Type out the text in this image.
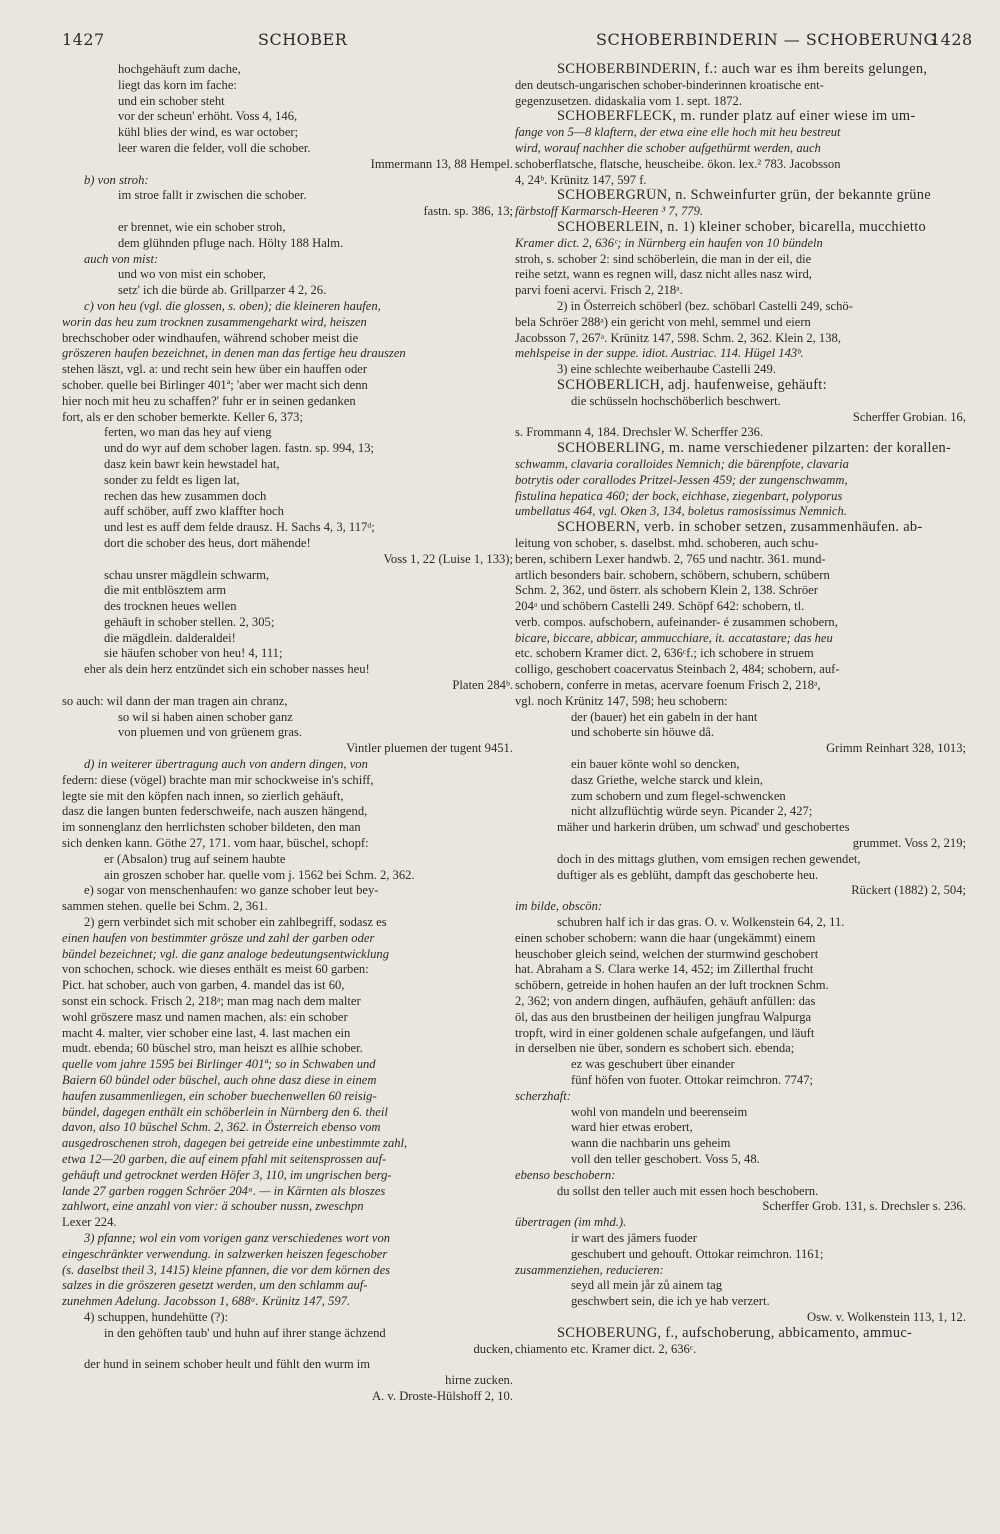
1427	SCHOBER	SCHOBERBINDERIN — SCHOBERUNG
1428
hochgehäuft zum dache,
liegt das korn im fache:
und ein schober steht
vor der scheun' erhöht. Voss 4, 146,
kühl blies der wind, es war october;
leer waren die felder, voll die schober.
Immermann 13, 88 Hempel.
b) von stroh:
im stroe fallt ir zwischen die schober.
fastn. sp. 386, 13;
er brennet, wie ein schober stroh,
dem glühnden pfluge nach. Hölty 188 Halm.
auch von mist:
und wo von mist ein schober,
setz' ich die bürde ab. Grillparzer 4 2, 26.
c) von heu (vgl. die glossen, s. oben); die kleineren haufen,
worin das heu zum trocknen zusammengeharkt wird, heiszen
brechschober oder windhaufen, während schober meist die
gröszeren haufen bezeichnet, in denen man das fertige heu drauszen
stehen läszt, vgl. a: und recht sein hew über ein hauffen oder
schober. quelle bei Birlinger 401ª; 'aber wer macht sich denn
hier noch mit heu zu schaffen?' fuhr er in seinen gedanken
fort, als er den schober bemerkte. Keller 6, 373;
ferten, wo man das hey auf vieng
und do wyr auf dem schober lagen. fastn. sp. 994, 13;
dasz kein bawr kein hewstadel hat,
sonder zu feldt es ligen lat,
rechen das hew zusammen doch
auff schöber, auff zwo klaffter hoch
und lest es auff dem felde drausz. H. Sachs 4, 3, 117ᵈ;
dort die schober des heus, dort mähende!
Voss 1, 22 (Luise 1, 133);
schau unsrer mägdlein schwarm,
die mit entblösztem arm
des trocknen heues wellen
gehäuft in schober stellen. 2, 305;
die mägdlein. dalderaldei!
sie häufen schober von heu! 4, 111;
eher als dein herz entzündet sich ein schober nasses heu!
Platen 284ᵇ.
so auch: wil dann der man tragen ain chranz,
so wil si haben ainen schober ganz
von pluemen und von grüenem gras.
Vintler pluemen der tugent 9451.
d) in weiterer übertragung auch von andern dingen, von
federn: diese (vögel) brachte man mir schockweise in's schiff,
legte sie mit den köpfen nach innen, so zierlich gehäuft,
dasz die langen bunten federschweife, nach auszen hängend,
im sonnenglanz den herrlichsten schober bildeten, den man
sich denken kann. Göthe 27, 171. vom haar, büschel, schopf:
er (Absalon) trug auf seinem haubte
ain groszen schober har. quelle vom j. 1562 bei Schm. 2, 362.
e) sogar von menschenhaufen: wo ganze schober leut bey-
sammen stehen. quelle bei Schm. 2, 361.
2) gern verbindet sich mit schober ein zahlbegriff, sodasz es
einen haufen von bestimmter grösze und zahl der garben oder
bündel bezeichnet; vgl. die ganz analoge bedeutungsentwicklung
von schochen, schock. wie dieses enthält es meist 60 garben:
Pict. hat schober, auch von garben, 4. mandel das ist 60,
sonst ein schock. Frisch 2, 218ᵃ; man mag nach dem malter
wohl gröszere masz und namen machen, als: ein schober
macht 4. malter, vier schober eine last, 4. last machen ein
mudt. ebenda; 60 büschel stro, man heiszt es allhie schober.
quelle vom jahre 1595 bei Birlinger 401ª; so in Schwaben und
Baiern 60 bündel oder büschel, auch ohne dasz diese in einem
haufen zusammenliegen, ein schober buechenwellen 60 reisig-
bündel, dagegen enthält ein schöberlein in Nürnberg den 6. theil
davon, also 10 büschel Schm. 2, 362. in Österreich ebenso vom
ausgedroschenen stroh, dagegen bei getreide eine unbestimmte zahl,
etwa 12—20 garben, die auf einem pfahl mit seitensprossen auf-
gehäuft und getrocknet werden Höfer 3, 110, im ungrischen berg-
lande 27 garben roggen Schröer 204ᵃ. — in Kärnten als bloszes
zahlwort, eine anzahl von vier: ä schouber nussn, zweschpn
Lexer 224.
3) pfanne; wol ein vom vorigen ganz verschiedenes wort von
eingeschränkter verwendung. in salzwerken heiszen fegeschober
(s. daselbst theil 3, 1415) kleine pfannen, die vor dem körnen des
salzes in die gröszeren gesetzt werden, um den schlamm auf-
zunehmen Adelung. Jacobsson 1, 688ᵃ. Krünitz 147, 597.
4) schuppen, hundehütte (?):
in den gehöften taub' und huhn auf ihrer stange ächzend
ducken,
der hund in seinem schober heult und fühlt den wurm im
hirne zucken.
A. v. Droste-Hülshoff 2, 10.
SCHOBERBINDERIN, f.: auch war es ihm bereits gelungen,
den deutsch-ungarischen schober-binderinnen kroatische ent-
gegenzusetzen. didaskalia vom 1. sept. 1872.
SCHOBERFLECK, m. runder platz auf einer wiese im um-
fange von 5—8 klaftern, der etwa eine elle hoch mit heu bestreut
wird, worauf nachher die schober aufgethürmt werden, auch
schoberflatsche, flatsche, heuscheibe. ökon. lex.² 783. Jacobsson
4, 24ᵇ. Krünitz 147, 597 f.
SCHOBERGRÜN, n. Schweinfurter grün, der bekannte grüne
färbstoff Karmarsch-Heeren ³ 7, 779.
SCHÖBERLEIN, n. 1) kleiner schober, bicarella, mucchietto
Kramer dict. 2, 636ᶜ; in Nürnberg ein haufen von 10 bündeln
stroh, s. schober 2: sind schöberlein, die man in der eil, die
reihe setzt, wann es regnen will, dasz nicht alles nasz wird,
parvi foeni acervi. Frisch 2, 218ᵃ.
2) in Österreich schöberl (bez. schöbarl Castelli 249, schö-
bela Schröer 288ᵃ) ein gericht von mehl, semmel und eiern
Jacobsson 7, 267ᵃ. Krünitz 147, 598. Schm. 2, 362. Klein 2, 138,
mehlspeise in der suppe. idiot. Austriac. 114. Hügel 143ᵇ.
3) eine schlechte weiberhaube Castelli 249.
SCHÖBERLICH, adj. haufenweise, gehäuft:
die schüsseln hochschöberlich beschwert.
Scherffer Grobian. 16,
s. Frommann 4, 184. Drechsler W. Scherffer 236.
SCHÖBERLING, m. name verschiedener pilzarten: der korallen-
schwamm, clavaria coralloides Nemnich; die bärenpfote, clavaria
botrytis oder corallodes Pritzel-Jessen 459; der zungenschwamm,
fistulina hepatica 460; der bock, eichhase, ziegenbart, polyporus
umbellatus 464, vgl. Oken 3, 134, boletus ramosissimus Nemnich.
SCHOBERN, verb. in schober setzen, zusammenhäufen. ab-
leitung von schober, s. daselbst. mhd. schoberen, auch schu-
beren, schibern Lexer handwb. 2, 765 und nachtr. 361. mund-
artlich besonders bair. schobern, schöbern, schubern, schübern
Schm. 2, 362, und österr. als schobern Klein 2, 138. Schröer
204ᵃ und schöbern Castelli 249. Schöpf 642: schobern, tl.
verb. compos. aufschobern, aufeinander- é zusammen schobern,
bicare, biccare, abbicar, ammucchiare, it. accatastare; das heu
etc. schobern Kramer dict. 2, 636ᶜf.; ich schobere in struem
colligo, geschobert coacervatus Steinbach 2, 484; schobern, auf-
schobern, conferre in metas, acervare foenum Frisch 2, 218ᵃ,
vgl. noch Krünitz 147, 598; heu schobern:
der (bauer) het ein gabeln in der hant
und schoberte sin höuwe dâ.
Grimm Reinhart 328, 1013;
ein bauer könte wohl so dencken,
dasz Griethe, welche starck und klein,
zum schobern und zum flegel-schwencken
nicht allzuflüchtig würde seyn. Picander 2, 427;
mäher und harkerin drüben, um schwad' und geschobertes
grummet. Voss 2, 219;
doch in des mittags gluthen, vom emsigen rechen gewendet,
duftiger als es geblüht, dampft das geschoberte heu.
Rückert (1882) 2, 504;
im bilde, obscön:
schubren half ich ir das gras. O. v. Wolkenstein 64, 2, 11.
einen schober schobern: wann die haar (ungekämmt) einem
heuschober gleich seind, welchen der sturmwind geschobert
hat. Abraham a S. Clara werke 14, 452; im Zillerthal frucht
schöbern, getreide in hohen haufen an der luft trocknen Schm.
2, 362; von andern dingen, aufhäufen, gehäuft anfüllen: das
öl, das aus den brustbeinen der heiligen jungfrau Walpurga
tropft, wird in einer goldenen schale aufgefangen, und läuft
in derselben nie über, sondern es schobert sich. ebenda;
ez was geschubert über einander
fünf höfen von fuoter. Ottokar reimchron. 7747;
scherzhaft:
wohl von mandeln und beerenseim
ward hier etwas erobert,
wann die nachbarin uns geheim
voll den teller geschobert. Voss 5, 48.
ebenso beschobern:
du sollst den teller auch mit essen hoch beschobern.
Scherffer Grob. 131, s. Drechsler s. 236.
übertragen (im mhd.).
ir wart des jâmers fuoder
geschubert und gehouft. Ottokar reimchron. 1161;
zusammenziehen, reducieren:
seyd all mein jår zů ainem tag
geschwbert sein, die ich ye hab verzert.
Osw. v. Wolkenstein 113, 1, 12.
SCHOBERUNG, f., aufschoberung, abbicamento, ammuc-
chiamento etc. Kramer dict. 2, 636ᶜ.
